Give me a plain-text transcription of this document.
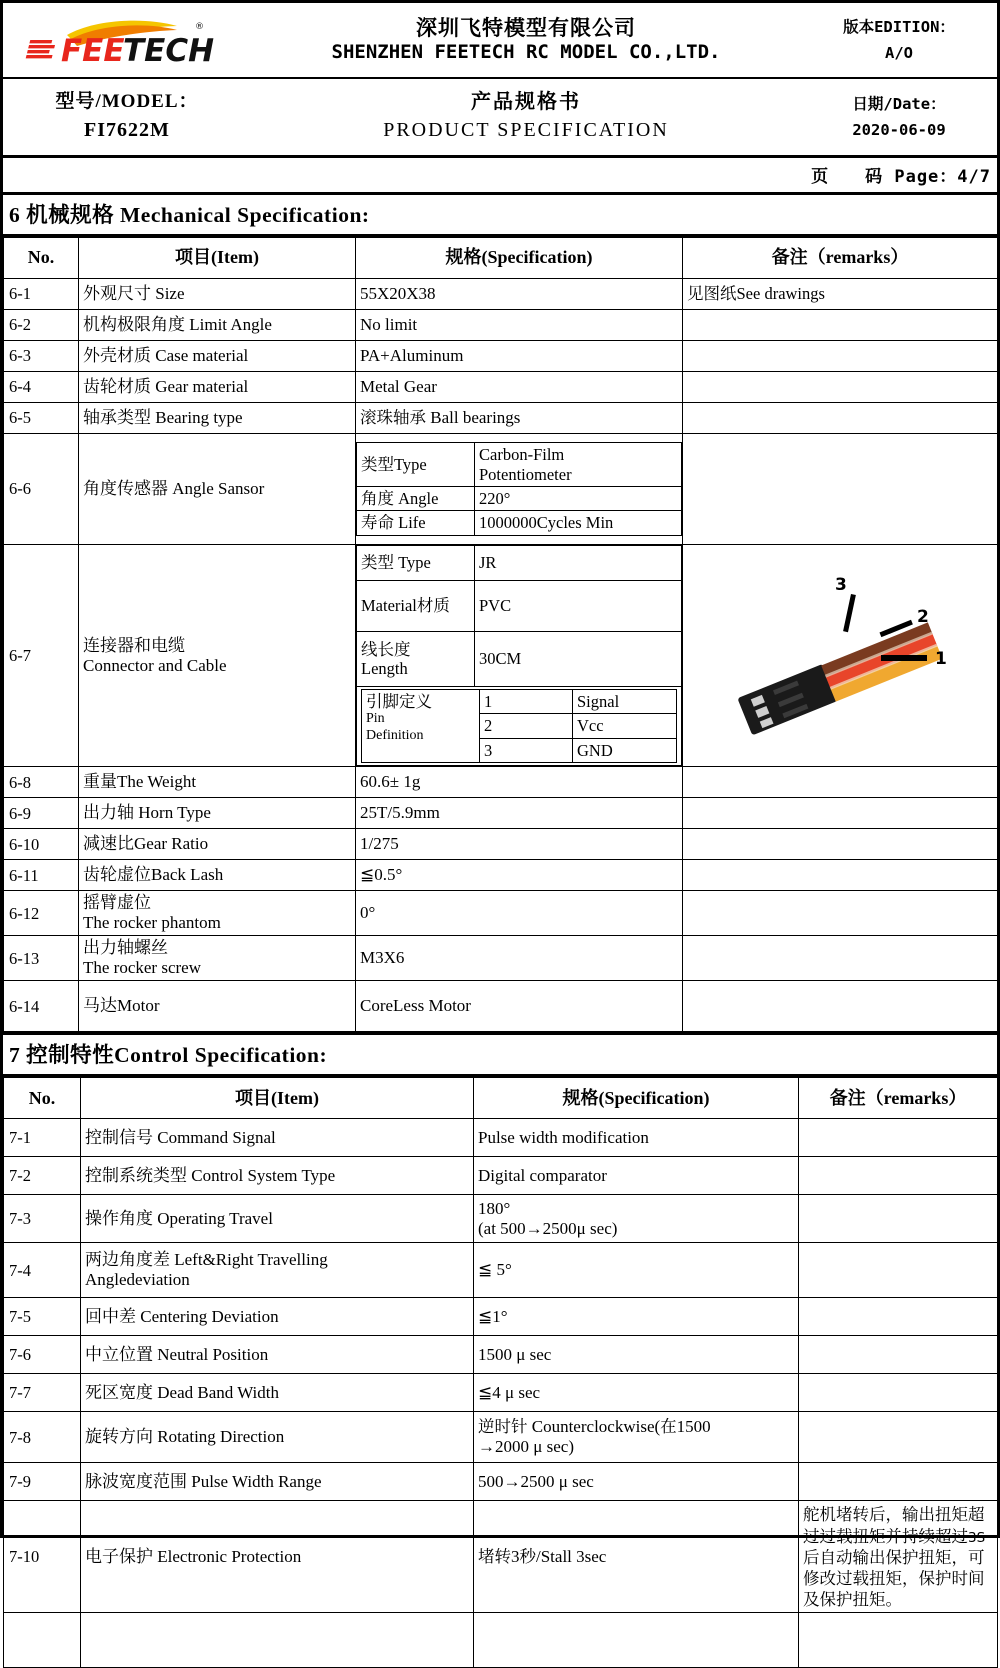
FEE
TECH
®	深圳飞特模型有限公司
SHENZHEN FEETECH RC MODEL CO.,LTD.

版本EDITION：
A/O
型号/MODEL：
FI7622M

产品规格书
PRODUCT SPECIFICATION

日期/Date：
2020-06-09
页　　码 Page：4/7
6 机械规格 Mechanical Specification:
No.	项目(Item)	规格(Specification)	备注（remarks）
6-1	外观尺寸 Size	55X20X38	见图纸See drawings
6-2	机构极限角度 Limit Angle	No limit	
6-3	外壳材质 Case material	PA+Aluminum	
6-4	齿轮材质 Gear material	Metal Gear	
6-5	轴承类型 Bearing type	滚珠轴承 Ball bearings	
6-6	角度传感器 Angle Sansor	
类型Type	Carbon-Film
Potentiometer
角度 Angle	220°
寿命 Life	1000000Cycles Min

6-7	连接器和电缆
Connector and Cable

类型 Type	JR
Material材质	PVC
线长度
Length	30CM

引脚定义
Pin
Definition
	1	Signal
2	Vcc
3	GND

3
2
1

6-8	重量The Weight	60.6± 1g	
6-9	出力轴 Horn Type	25T/5.9mm	
6-10	减速比Gear Ratio	1/275	
6-11	齿轮虚位Back Lash	≦0.5°	
6-12	摇臂虚位
The rocker phantom
	0°	
6-13	出力轴螺丝
The rocker screw
	M3X6	
6-14	马达Motor	CoreLess Motor	
7 控制特性Control Specification:
No.	项目(Item)	规格(Specification)	备注（remarks）
7-1	控制信号 Command Signal	Pulse width modification	
7-2	控制系统类型 Control System Type	Digital comparator	
7-3	操作角度 Operating Travel	180°
(at 500→2500μ sec)	

7-4	两边角度差 Left&Right Travelling
Angledeviation	≦ 5°	
7-5	回中差 Centering Deviation	≦1°	
7-6	中立位置 Neutral Position	1500 μ sec	
7-7	死区宽度 Dead Band Width	≦4 μ sec	
7-8	旋转方向 Rotating Direction	逆时针 Counterclockwise(在1500
→2000 μ sec)	

7-9	脉波宽度范围 Pulse Width Range	500→2500 μ sec	
7-10	电子保护 Electronic Protection	堵转3秒/Stall 3sec	舵机堵转后，输出扭矩超过过载扭矩并持续超过3S后自动输出保护扭矩，可修改过载扭矩，保护时间及保护扭矩。
